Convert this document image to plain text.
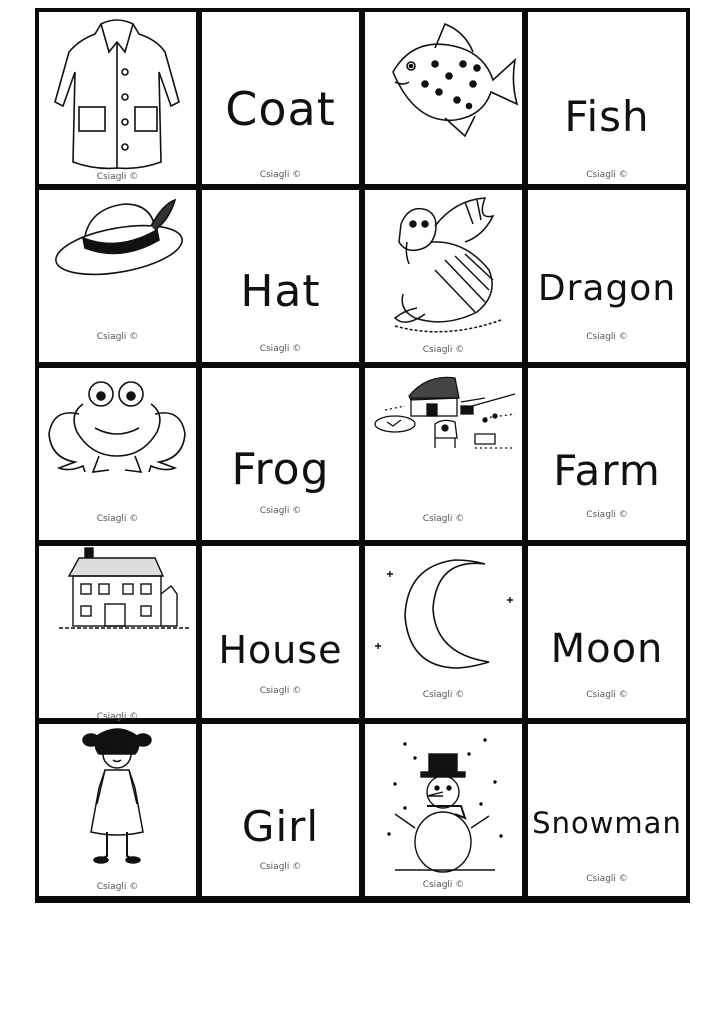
Csiagli ©
Coat
Csiagli ©
Fish
Csiagli ©
Csiagli ©
Hat
Csiagli ©	Csiagli ©
Dragon
Csiagli ©
Csiagli ©
Frog
Csiagli ©
Csiagli ©
Farm
Csiagli ©
Csiagli ©
House
Csiagli ©	Csiagli ©
Moon
Csiagli ©
Csiagli ©
Girl
Csiagli ©
Csiagli ©
Snowman
Csiagli ©
